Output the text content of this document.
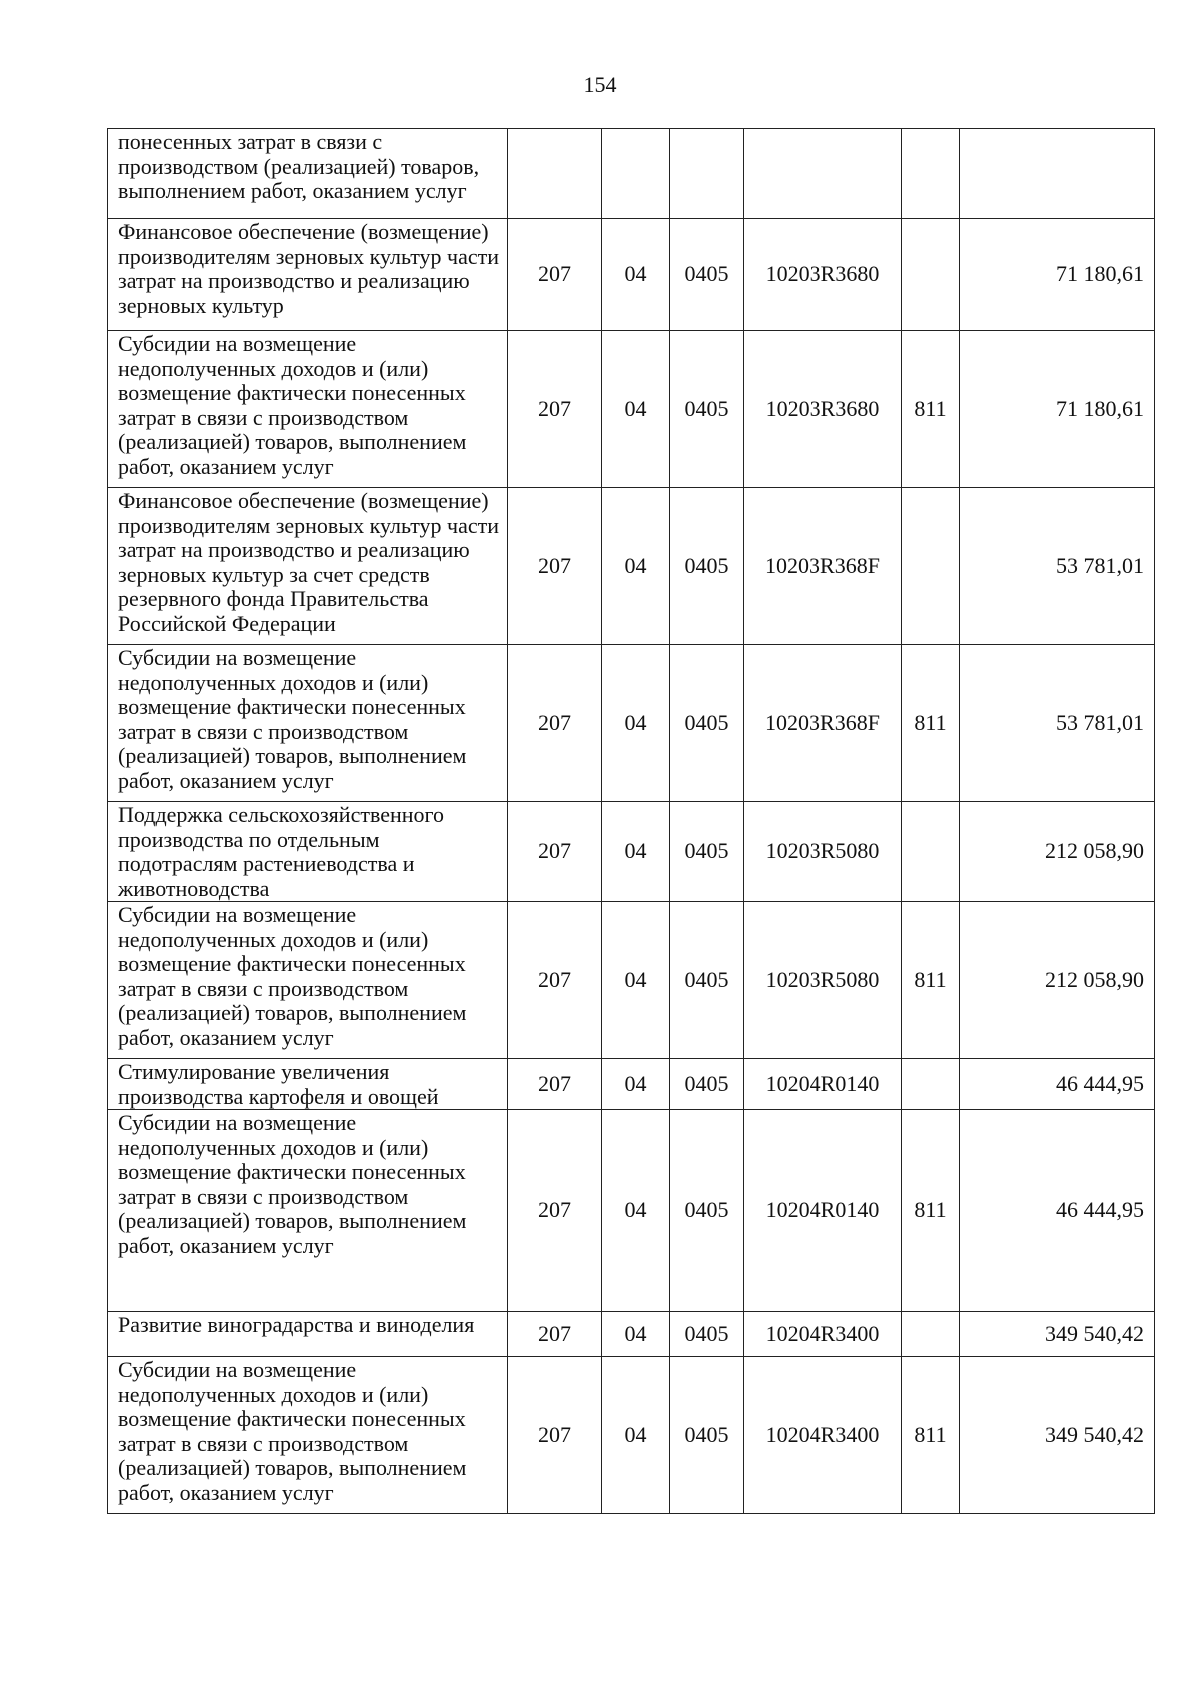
154
понесенных затрат в связи с производством (реализацией) товаров, выполнением работ, оказанием услуг						
Финансовое обеспечение (возмещение) производителям зерновых культур части затрат на производство и реализацию зерновых культур	207	04	0405	10203R3680		71 180,61
Субсидии на возмещение недополученных доходов и (или) возмещение фактически понесенных затрат в связи с производством (реализацией) товаров, выполнением работ, оказанием услуг	207	04	0405	10203R3680	811	71 180,61
Финансовое обеспечение (возмещение) производителям зерновых культур части затрат на производство и реализацию зерновых культур за счет средств резервного фонда Правительства Российской Федерации	207	04	0405	10203R368F		53 781,01
Субсидии на возмещение недополученных доходов и (или) возмещение фактически понесенных затрат в связи с производством (реализацией) товаров, выполнением работ, оказанием услуг	207	04	0405	10203R368F	811	53 781,01
Поддержка сельскохозяйственного производства по отдельным подотраслям растениеводства и животноводства	207	04	0405	10203R5080		212 058,90
Субсидии на возмещение недополученных доходов и (или) возмещение фактически понесенных затрат в связи с производством (реализацией) товаров, выполнением работ, оказанием услуг	207	04	0405	10203R5080	811	212 058,90
Стимулирование увеличения производства картофеля и овощей	207	04	0405	10204R0140		46 444,95
Субсидии на возмещение недополученных доходов и (или) возмещение фактически понесенных затрат в связи с производством (реализацией) товаров, выполнением работ, оказанием услуг	207	04	0405	10204R0140	811	46 444,95
Развитие виноградарства и виноделия	207	04	0405	10204R3400		349 540,42
Субсидии на возмещение недополученных доходов и (или) возмещение фактически понесенных затрат в связи с производством (реализацией) товаров, выполнением работ, оказанием услуг	207	04	0405	10204R3400	811	349 540,42
